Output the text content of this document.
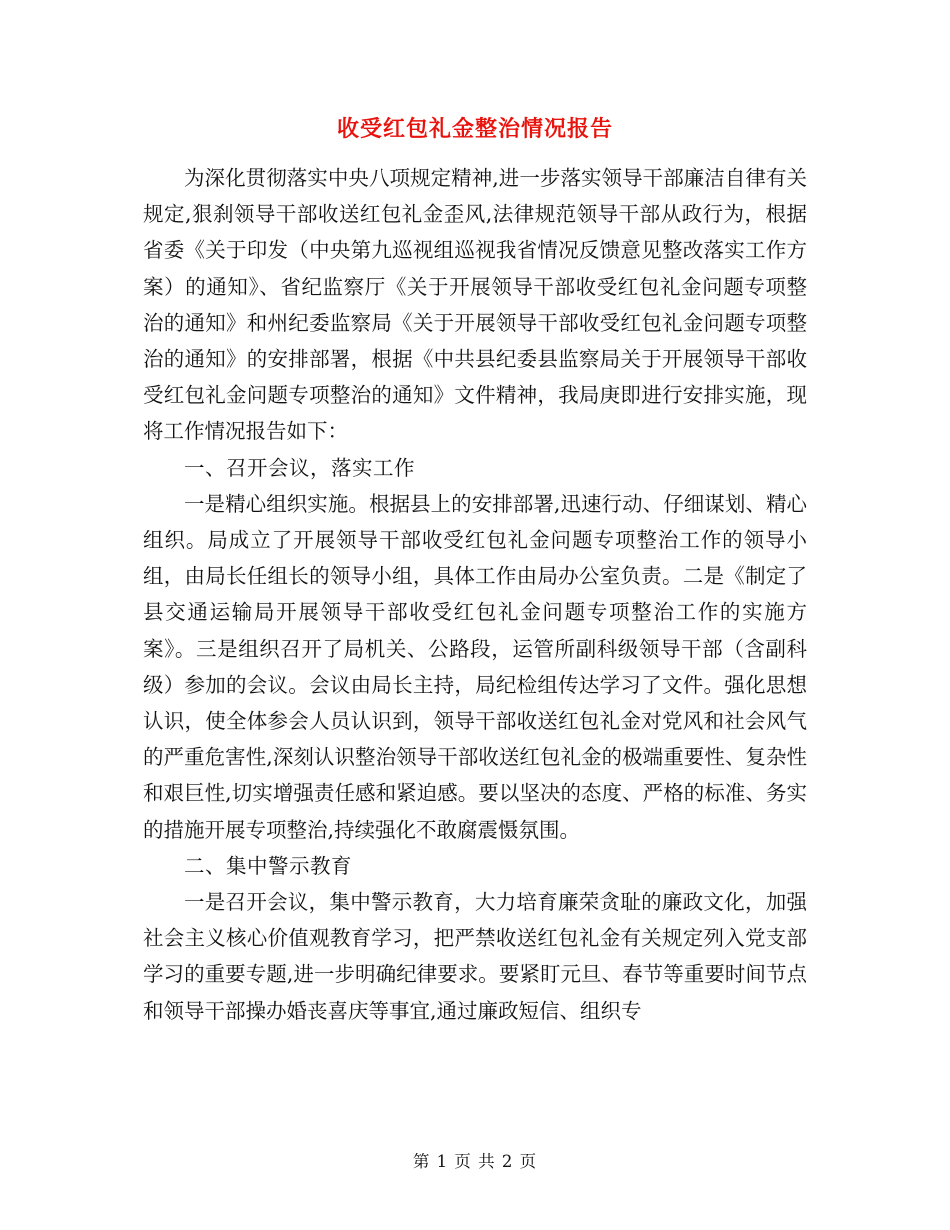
收受红包礼金整治情况报告

为深化贯彻落实中央八项规定精神,进一步落实领导干部廉洁自律有关规定,狠刹领导干部收送红包礼金歪风,法律规范领导干部从政行为，根据省委《关于印发（中央第九巡视组巡视我省情况反馈意见整改落实工作方案）的通知》、省纪监察厅《关于开展领导干部收受红包礼金问题专项整治的通知》和州纪委监察局《关于开展领导干部收受红包礼金问题专项整治的通知》的安排部署，根据《中共县纪委县监察局关于开展领导干部收受红包礼金问题专项整治的通知》文件精神，我局庚即进行安排实施，现将工作情况报告如下：

一、召开会议，落实工作

一是精心组织实施。根据县上的安排部署,迅速行动、仔细谋划、精心组织。局成立了开展领导干部收受红包礼金问题专项整治工作的领导小组，由局长任组长的领导小组，具体工作由局办公室负责。二是《制定了县交通运输局开展领导干部收受红包礼金问题专项整治工作的实施方案》。三是组织召开了局机关、公路段，运管所副科级领导干部（含副科级）参加的会议。会议由局长主持，局纪检组传达学习了文件。强化思想认识，使全体参会人员认识到，领导干部收送红包礼金对党风和社会风气的严重危害性,深刻认识整治领导干部收送红包礼金的极端重要性、复杂性和艰巨性,切实增强责任感和紧迫感。要以坚决的态度、严格的标准、务实的措施开展专项整治,持续强化不敢腐震慑氛围。

二、集中警示教育

一是召开会议，集中警示教育，大力培育廉荣贪耻的廉政文化，加强社会主义核心价值观教育学习，把严禁收送红包礼金有关规定列入党支部学习的重要专题,进一步明确纪律要求。要紧盯元旦、春节等重要时间节点和领导干部操办婚丧喜庆等事宜,通过廉政短信、组织专

第 1 页 共 2 页
